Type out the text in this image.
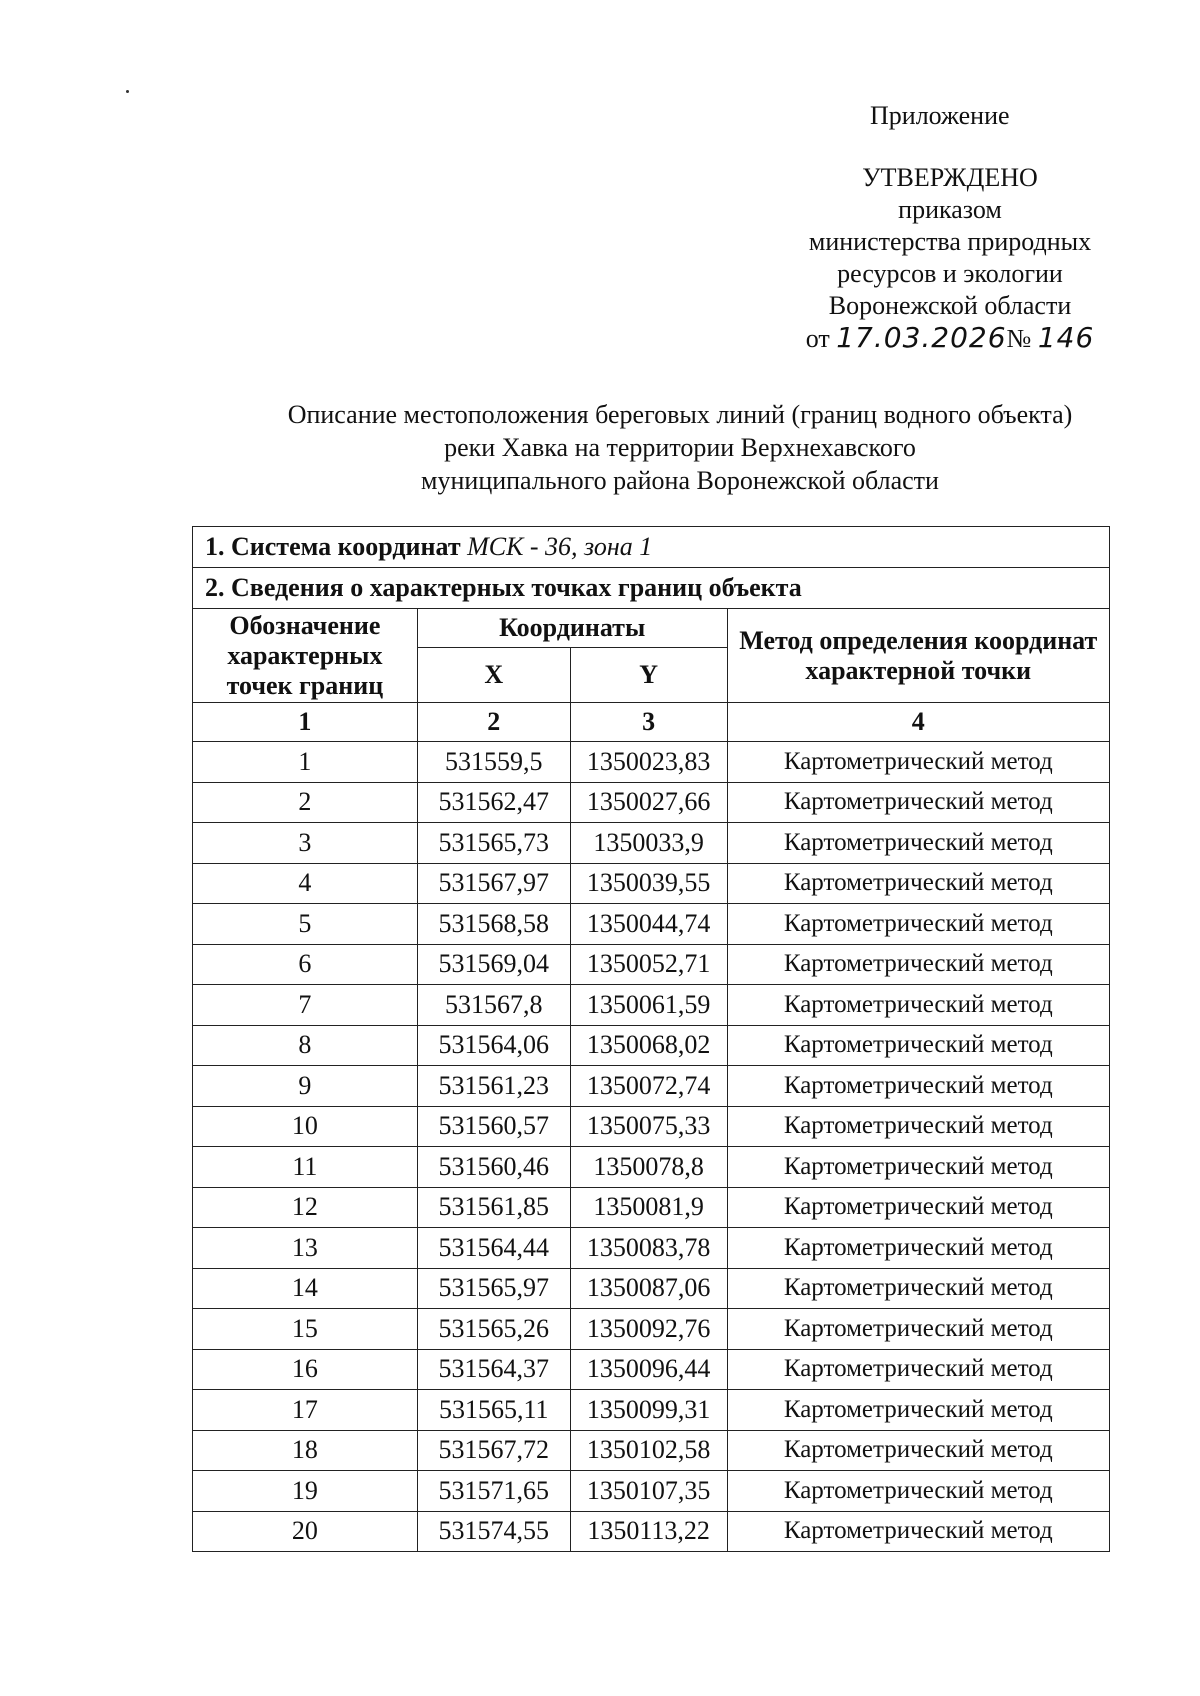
Приложение
УТВЕРЖДЕНО
приказом
министерства природных
ресурсов и экологии
Воронежской области
от 17.03.2026№ 146
Описание местоположения береговых линий (границ водного объекта)
реки Хавка на территории Верхнехавского
муниципального района Воронежской области
1. Система координат МСК - 36, зона 1			
2. Сведения о характерных точках границ объекта			
Обозначение характерных точек границ	Координаты		Метод определения координат характерной точки
	X	Y	
1	2	3	4
1	531559,5	1350023,83	Картометрический метод
2	531562,47	1350027,66	Картометрический метод
3	531565,73	1350033,9	Картометрический метод
4	531567,97	1350039,55	Картометрический метод
5	531568,58	1350044,74	Картометрический метод
6	531569,04	1350052,71	Картометрический метод
7	531567,8	1350061,59	Картометрический метод
8	531564,06	1350068,02	Картометрический метод
9	531561,23	1350072,74	Картометрический метод
10	531560,57	1350075,33	Картометрический метод
11	531560,46	1350078,8	Картометрический метод
12	531561,85	1350081,9	Картометрический метод
13	531564,44	1350083,78	Картометрический метод
14	531565,97	1350087,06	Картометрический метод
15	531565,26	1350092,76	Картометрический метод
16	531564,37	1350096,44	Картометрический метод
17	531565,11	1350099,31	Картометрический метод
18	531567,72	1350102,58	Картометрический метод
19	531571,65	1350107,35	Картометрический метод
20	531574,55	1350113,22	Картометрический метод
